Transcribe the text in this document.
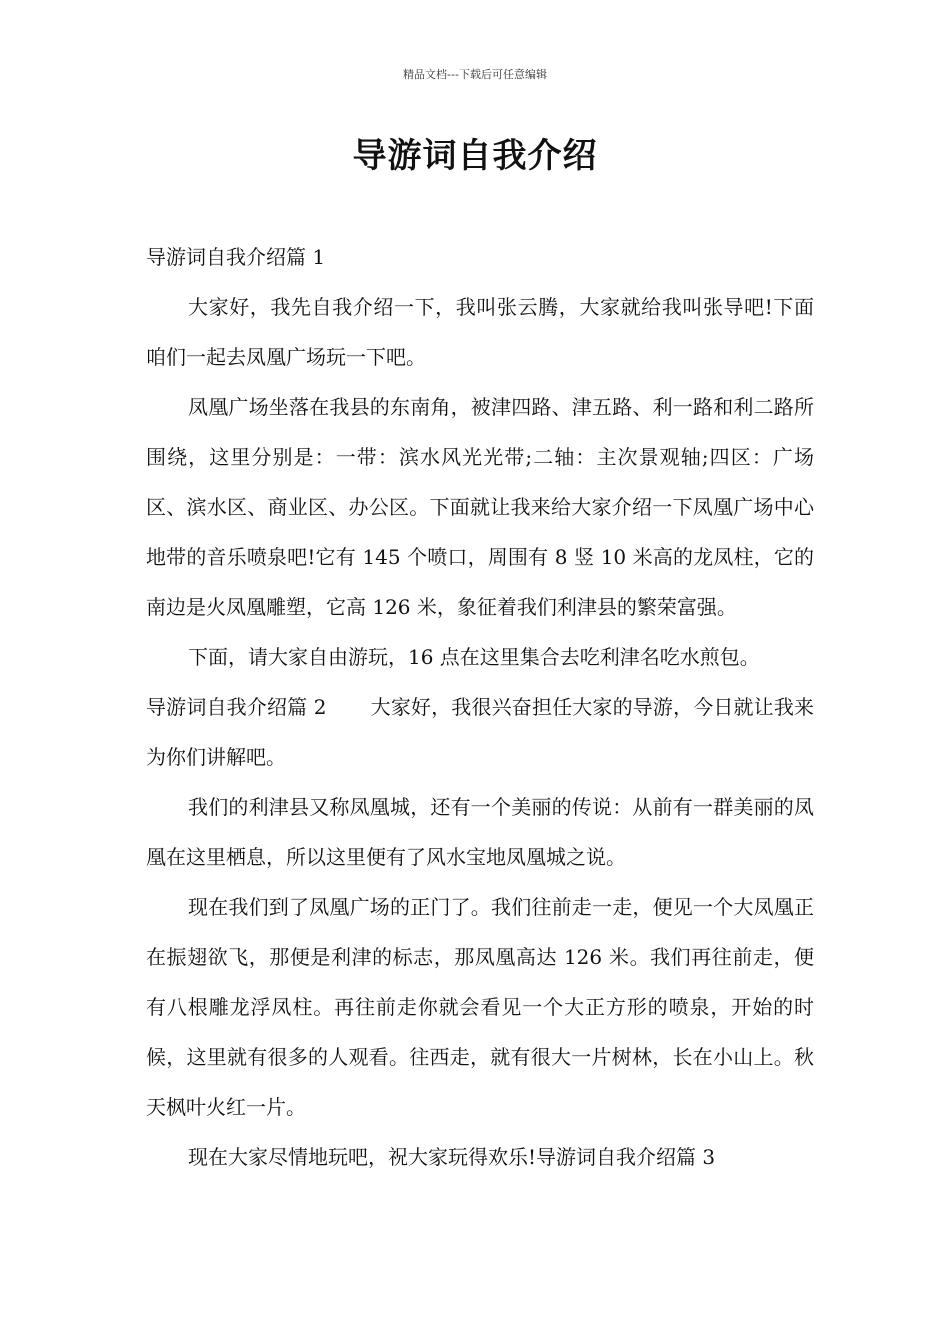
精品文档---下载后可任意编辑
导游词自我介绍

导游词自我介绍篇 1

大家好，我先自我介绍一下，我叫张云腾，大家就给我叫张导吧!下面咱们一起去凤凰广场玩一下吧。

凤凰广场坐落在我县的东南角，被津四路、津五路、利一路和利二路所围绕，这里分别是：一带：滨水风光光带;二轴：主次景观轴;四区：广场区、滨水区、商业区、办公区。下面就让我来给大家介绍一下凤凰广场中心地带的音乐喷泉吧!它有 145 个喷口，周围有 8 竖 10 米高的龙凤柱，它的南边是火凤凰雕塑，它高 126 米，象征着我们利津县的繁荣富强。

下面，请大家自由游玩，16 点在这里集合去吃利津名吃水煎包。

导游词自我介绍篇 2 大家好，我很兴奋担任大家的导游，今日就让我来为你们讲解吧。

我们的利津县又称凤凰城，还有一个美丽的传说：从前有一群美丽的凤凰在这里栖息，所以这里便有了风水宝地凤凰城之说。

现在我们到了凤凰广场的正门了。我们往前走一走，便见一个大凤凰正在振翅欲飞，那便是利津的标志，那凤凰高达 126 米。我们再往前走，便有八根雕龙浮凤柱。再往前走你就会看见一个大正方形的喷泉，开始的时候，这里就有很多的人观看。往西走，就有很大一片树林，长在小山上。秋天枫叶火红一片。

现在大家尽情地玩吧，祝大家玩得欢乐!导游词自我介绍篇 3
